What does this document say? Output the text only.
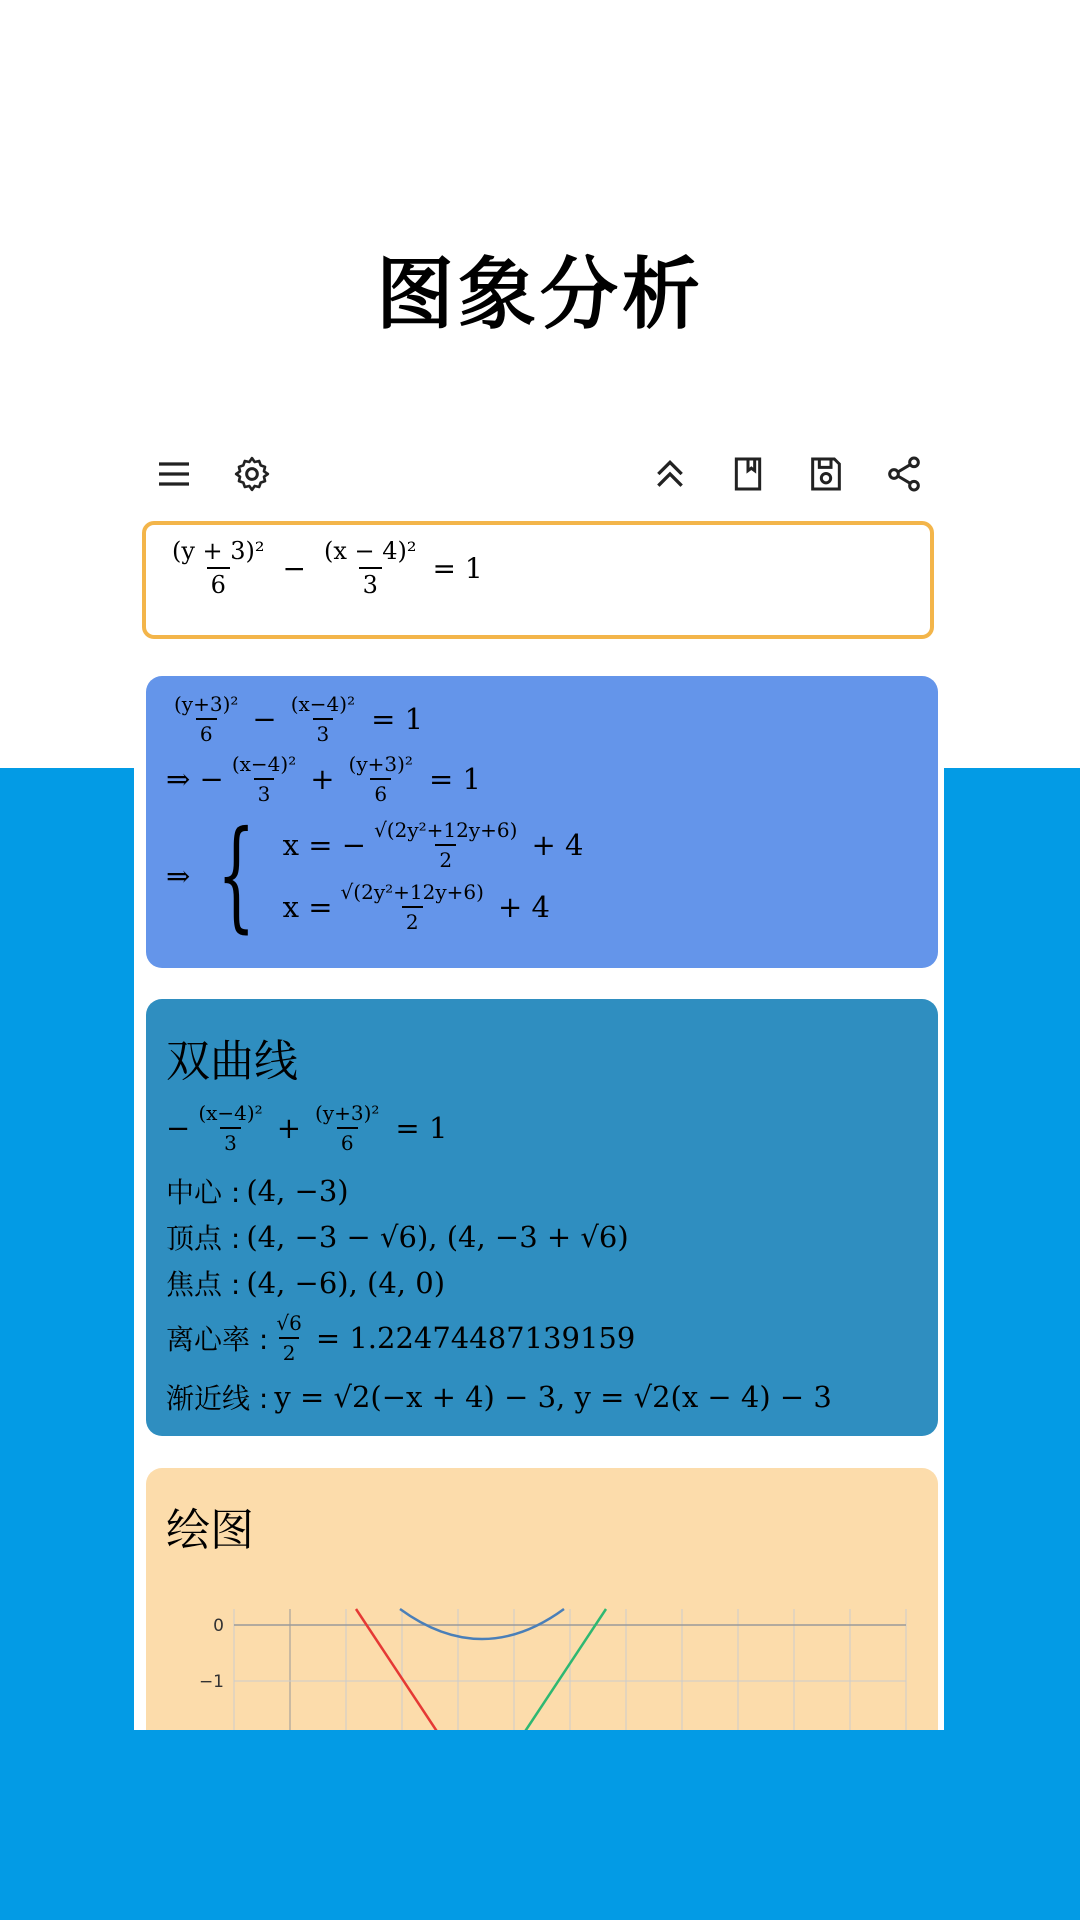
图象分析
$\frac{\text{(y + 3)²}}{6} - \frac{\text{(x − 4)²}}{3} = 1$
$\frac{\text{(y+3)²}}{6} - \frac{\text{(x−4)²}}{3} = 1$
⇒ − $\frac{\text{(x−4)²}}{3} + \frac{\text{(y+3)²}}{6} = 1$
⇒ { x = − $\frac{\text{√(2y²+12y+6)}}{2} + 4$
$x = \frac{\text{√(2y²+12y+6)}}{2} + 4$
双曲线
− $\frac{\text{(x−4)²}}{3} + \frac{\text{(y+3)²}}{6} = 1$
中心 : (4, −3)
顶点 : (4, −3 − √6), (4, −3 + √6)
焦点 : (4, −6), (4, 0)
离心率 : $\frac{√6}{2} = 1.22474487139159$
渐近线 : y = √2(−x + 4) − 3, y = √2(x − 4) − 3
绘图
0
−1
